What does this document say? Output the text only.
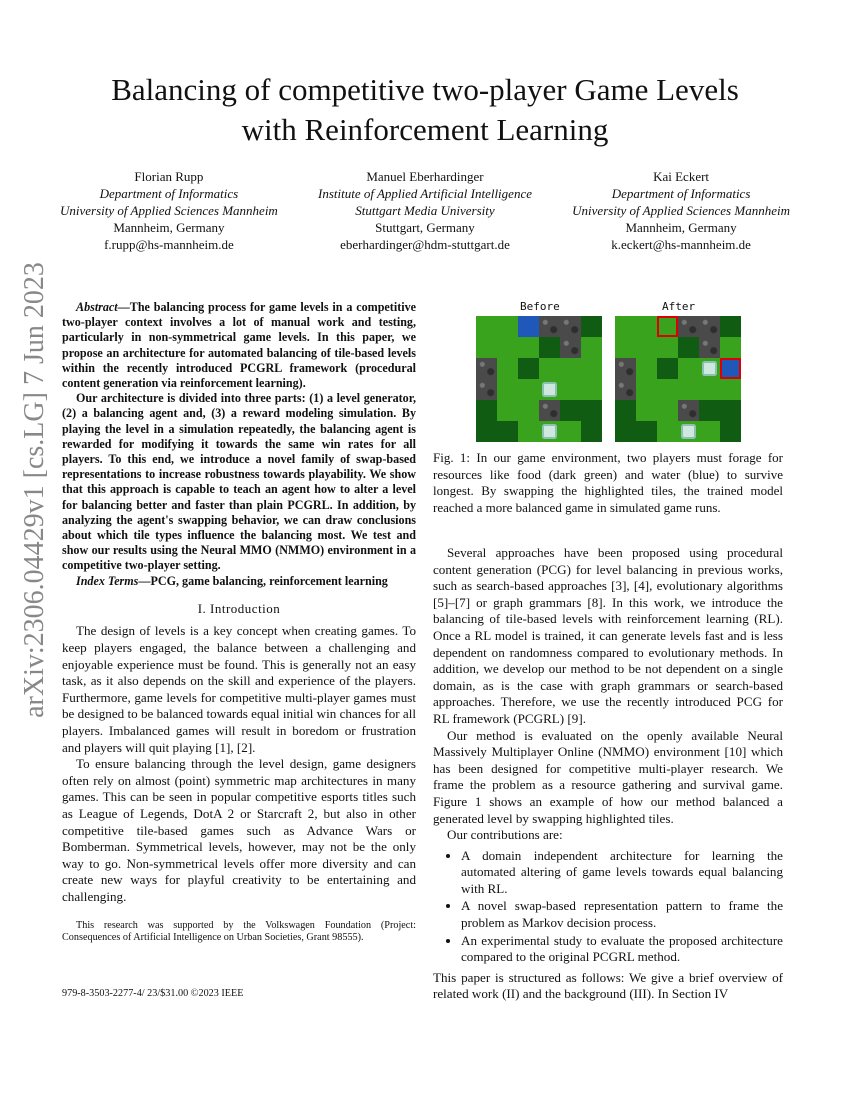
arXiv:2306.04429v1 [cs.LG] 7 Jun 2023
Balancing of competitive two-player Game Levels
with Reinforcement Learning
Florian Rupp
Department of Informatics
University of Applied Sciences Mannheim
Mannheim, Germany
f.rupp@hs-mannheim.de
Manuel Eberhardinger
Institute of Applied Artificial Intelligence
Stuttgart Media University
Stuttgart, Germany
eberhardinger@hdm-stuttgart.de
Kai Eckert
Department of Informatics
University of Applied Sciences Mannheim
Mannheim, Germany
k.eckert@hs-mannheim.de

Abstract—The balancing process for game levels in a competitive two-player context involves a lot of manual work and testing, particularly in non-symmetrical game levels. In this paper, we propose an architecture for automated balancing of tile-based levels within the recently introduced PCGRL framework (procedural content generation via reinforcement learning).

Our architecture is divided into three parts: (1) a level generator, (2) a balancing agent and, (3) a reward modeling simulation. By playing the level in a simulation repeatedly, the balancing agent is rewarded for modifying it towards the same win rates for all players. To this end, we introduce a novel family of swap-based representations to increase robustness towards playability. We show that this approach is capable to teach an agent how to alter a level for balancing better and faster than plain PCGRL. In addition, by analyzing the agent's swapping behavior, we can draw conclusions about which tile types influence the balancing most. We test and show our results using the Neural MMO (NMMO) environment in a competitive two-player setting.

Index Terms—PCG, game balancing, reinforcement learning

I. Introduction

The design of levels is a key concept when creating games. To keep players engaged, the balance between a challenging and enjoyable experience must be found. This is generally not an easy task, as it also depends on the skill and experience of the players. Furthermore, game levels for competitive multi-player games must be designed to be balanced towards equal initial win chances for all players. Imbalanced games will result in boredom or frustration and players will quit playing [1], [2].

To ensure balancing through the level design, game designers often rely on almost (point) symmetric map architectures in many games. This can be seen in popular competitive esports titles such as League of Legends, DotA 2 or Starcraft 2, but also in other competitive tile-based games such as Advance Wars or Bomberman. Symmetrical levels, however, may not be the only way to go. Non-symmetrical levels offer more diversity and can create new ways for playful creativity to be entertaining and challenging.

This research was supported by the Volkswagen Foundation (Project: Consequences of Artificial Intelligence on Urban Societies, Grant 98555).

979-8-3503-2277-4/ 23/$31.00 ©2023 IEEE
Before	After
Fig. 1: In our game environment, two players must forage for resources like food (dark green) and water (blue) to survive longest. By swapping the highlighted tiles, the trained model reached a more balanced game in simulated game runs.

Several approaches have been proposed using procedural content generation (PCG) for level balancing in previous works, such as search-based approaches [3], [4], evolutionary algorithms [5]–[7] or graph grammars [8]. In this work, we introduce the balancing of tile-based levels with reinforcement learning (RL). Once a RL model is trained, it can generate levels fast and is less dependent on randomness compared to evolutionary methods. In addition, we develop our method to be not dependent on a single domain, as is the case with graph grammars or search-based approaches. Therefore, we use the recently introduced PCG for RL framework (PCGRL) [9].

Our method is evaluated on the openly available Neural Massively Multiplayer Online (NMMO) environment [10] which has been designed for competitive multi-player research. We frame the problem as a resource gathering and survival game. Figure 1 shows an example of how our method balanced a generated level by swapping highlighted tiles.

Our contributions are:

• A domain independent architecture for learning the automated altering of game levels towards equal balancing with RL.
• A novel swap-based representation pattern to frame the problem as Markov decision process.
• An experimental study to evaluate the proposed architecture compared to the original PCGRL method.

This paper is structured as follows: We give a brief overview of related work (II) and the background (III). In Section IV
